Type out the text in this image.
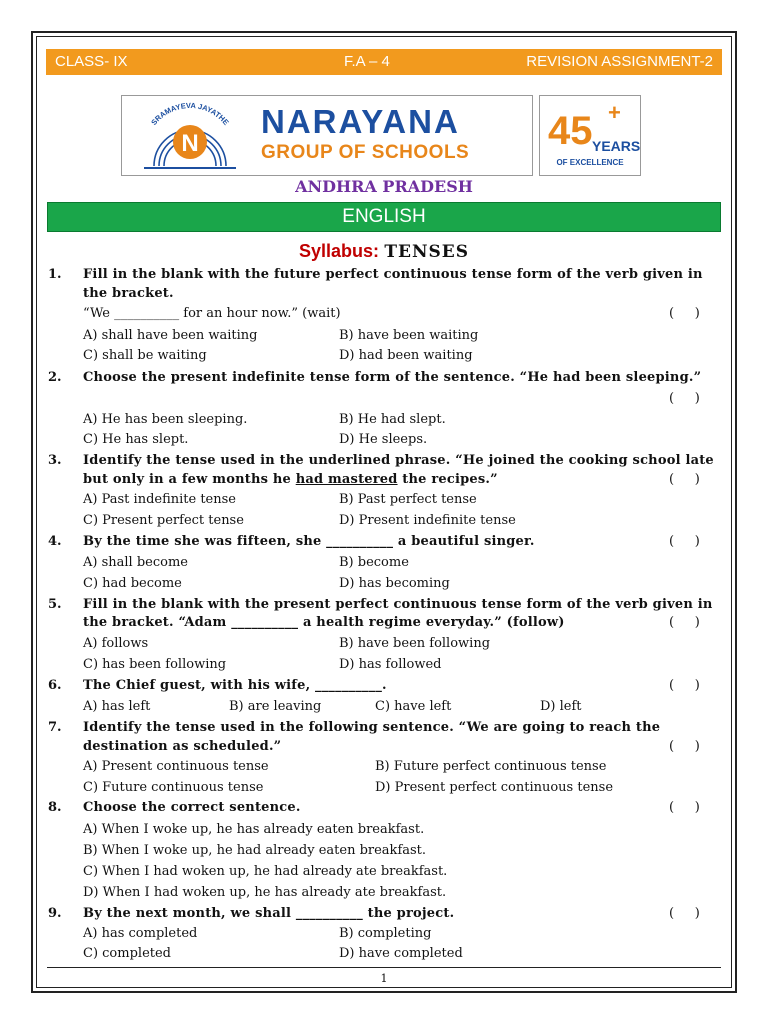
CLASS- IX	F.A – 4	REVISION ASSIGNMENT-2
SRAMAYEVA JAYATHE
N
NARAYANA
GROUP OF SCHOOLS 45 +
YEARS
OF EXCELLENCE
ANDHRA PRADESH
ENGLISH
Syllabus: TENSES
1. Fill in the blank with the future perfect continuous tense form of the verb given in
the bracket.
“We __________ for an hour now.” (wait)	(     )
A) shall have been waiting	B) have been waiting
C) shall be waiting	D) had been waiting
2. Choose the present indefinite tense form of the sentence. “He had been sleeping.”
(     )
A) He has been sleeping.	B) He had slept.
C) He has slept.	D) He sleeps.
3. Identify the tense used in the underlined phrase. “He joined the cooking school late
but only in a few months he had mastered the recipes.”	(     )
A) Past indefinite tense	B) Past perfect tense
C) Present perfect tense	D) Present indefinite tense
4. By the time she was fifteen, she __________ a beautiful singer.	(     )
A) shall become	B) become
C) had become	D) has becoming
5. Fill in the blank with the present perfect continuous tense form of the verb given in
the bracket. “Adam __________ a health regime everyday.” (follow)	(     )
A) follows	B) have been following
C) has been following	D) has followed
6. The Chief guest, with his wife, __________.	(     )
A) has left	B) are leaving	C) have left	D) left
7. Identify the tense used in the following sentence. “We are going to reach the
destination as scheduled.”	(     )
A) Present continuous tense	B) Future perfect continuous tense
C) Future continuous tense	D) Present perfect continuous tense
8. Choose the correct sentence.	(     )
A) When I woke up, he has already eaten breakfast.
B) When I woke up, he had already eaten breakfast.
C) When I had woken up, he had already ate breakfast.
D) When I had woken up, he has already ate breakfast.
9. By the next month, we shall __________ the project.	(     )
A) has completed	B) completing
C) completed	D) have completed
1
